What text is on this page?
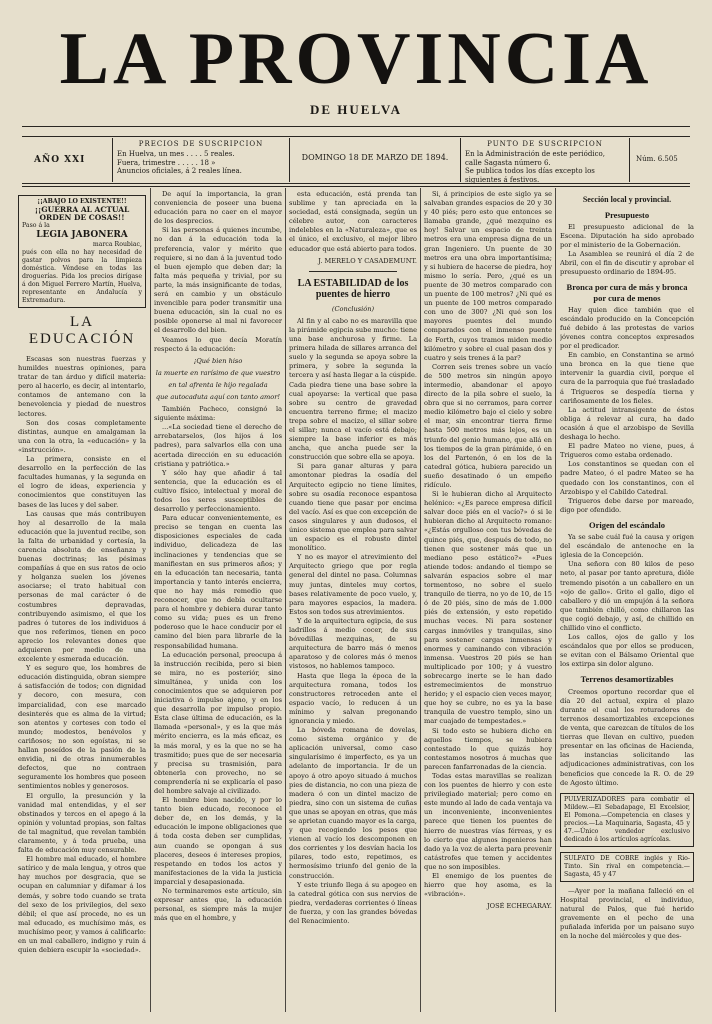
LA PROVINCIA
DE HUELVA
AÑO XXI
PRECIOS DE SUSCRIPCION
En Huelva, un mes . . . . 5 reales.
Fuera, trimestre . . . . . 18 »
Anuncios oficiales, á 2 reales línea.
DOMINGO 18 DE MARZO DE 1894.
PUNTO DE SUSCRIPCION
En la Administración de este periódico,
calle Sagasta número 6.
Se publica todos los días excepto los siguientes á festivos.
Núm. 6.505
¡¡ABAJO LO EXISTENTE!!
¡¡GUERRA AL ACTUAL ORDEN DE COSAS!!
Paso á la
LEGIA JABONERA
marca Roubiac,
pués con ella no hay necesidad de gastar polvos para la limpieza doméstica. Véndese en todas las droguerías. Pida los precios dirígase á don Miguel Ferrero Martín, Huelva, representante en Andalucía y Extremadura.
LA EDUCACIÓN

Escasas son nuestras fuerzas y humildes nuestras opiniones, para tratar de tan árduo y difícil materia: pero al hacerlo, es decir, al intentarlo, contamos de antemano con la benevolencia y piedad de nuestros lectores.

Son dos cosas completamente distintas, aunque en amalgaman la una con la otra, la «educación» y la «instrucción».

La primera, consiste en el desarrollo en la perfección de las facultades humanas, y la segunda en el logro de ideas, experiencia y conocimientos que constituyen las bases de las luces y del saber.

Las causas que más contribuyen hoy al desarrollo de la mala educación que la juventud recibe, son la falta de urbanidad y cortesía, la carencia absoluta de enseñanza y buenas doctrinas; las pésimas compañías á que en sus ratos de ocio y holganza suelen los jóvenes asociarse; el trato habitual con personas de mal carácter ó de costumbres depravadas, contribuyendo asimismo, el que los padres ó tutores de los individuos á que nos referimos, tienen en poco aprecio los relevantes dones que adquieren por medio de una excelente y esmerada educación.

Y es seguro que, los hombres de educación distinguida, obran siempre á satisfacción de todos; con dignidad y decoro, con mesura, con imparcialidad, con ese marcado desinterés que es alma de la virtud; son atentos y corteses con todo el mundo; modestos, benévolos y cariñosos; no son egoístas, ni se hallan poseídos de la pasión de la envidia, ni de otras innumerables defectos, que no contraen seguramente los hombres que poseen sentimientos nobles y generosos.

El orgullo, la presunción y la vanidad mal entendidas, y el ser obstinados y tercos en el apego á la opinión y voluntad propias, son faltas de tal magnitud, que revelan también claramente, y á toda prueba, una falta de educación muy censurable.

El hombre mal educado, el hombre satírico y de mala lengua, y otros que hay muchos por desgracia, que se ocupan en calumniar y difamar á los demás, y sobre todo cuando se trata del sexo de los privilegios, del sexo débil; el que así procede, no es un mal educado, es muchísimo más, es muchísimo peor, y vamos á calificarlo: en un mal caballero, indigno y ruin á quien debiera escupir la «sociedad».

De aquí la importancia, la gran conveniencia de poseer una buena educación para no caer en el mayor de los desprecios.

Si las personas á quienes incumbe, no dan á la educación toda la preferencia, valor y mérito que requiere, si no dan á la juventud todo el buen ejemplo que deben dar; la falta más pequeña y trivial, por su parte, la más insignificante de todas, será en cambio y un obstáculo invencible para poder transmitir una buena educación, sin la cual no es posible oponerse al mal ni favorecer el desarrollo del bien.

Veamos lo que decía Moratín respecto á la educación:

¡Qué bien hiso
la muerte en rarísimo de que vuestro
en tal afrenta le hijo regalada
que autocaduta aquí con tanto amor!

También Pacheco, consignó la siguiente máxima:

...«La sociedad tiene el derecho de arrebatarselos, (los hijos á los padres), para salvarlos ella con una acertada dirección en su educación cristiana y patriótica.»

Y sólo hay que añadir á tal sentencia, que la educación es el cultivo físico, intelectual y moral de todos los seres susceptibles de desarrollo y perfeccionamiento.

Para educar convenientemente, es preciso se tengan en cuenta las disposiciones especiales de cada individuo, delicadeza de las inclinaciones y tendencias que se manifiestan en sus primeros años; y en la educación tan necesaria, tanta importancia y tanto interés encierra, que no hay más remedio que reconocer, que no debía ocultarse para el hombre y debiera durar tanto como su vida; pues es un freno poderoso que le hace conducir por el camino del bien para librarle de la responsabilidad humana.

La educación personal, preocupa á la instrucción recibida, pero si bien se mira, no es posteriór, sino simultánea, y unida con los conocimientos que se adquieren por iniciativa ó impulso ajeno, y en los que desarrolla por impulso propio. Esta clase última de educación, es la llamada «personal», y es la que más mérito encierra, es la más eficaz, es la más moral, y es la que no se ha trasmitido; pues que de ser necesaria y precisa su trasmisión, para obtenerla con provecho, no se comprendería ni se explicaría el paso del hombre salvaje al civilizado.

El hombre bien nacido, y por lo tanto bien educado, reconoce el deber de, en los demás, y la educación le impone obligaciones que á toda costa deben ser cumplidas, aun cuando se opongan á sus placeres, deseos é intereses propios, respetando en todos los actos y manifestaciones de la vida la justicia imparcial y desapasionada.

No terminaremos este artículo, sin expresar antes que, la educación personal, es siempre más la mujer más que en el hombre, y

esta educación, está prenda tan sublime y tan apreciada en la sociedad, está consignada, según un célebre autor, con caracteres indelebles en la «Naturaleza», que es el único, el exclusivo, el mejor libro educador que está abierto para todos.

J. MERELO Y CASADEMUNT.
LA ESTABILIDAD de los puentes de hierro
(Conclusión)

Al fin y al cabo no es maravilla que la pirámide egipcia sube mucho: tiene una base anchurosa y firme. La primera hilada de sillares arranca del suelo y la segunda se apoya sobre la primera, y sobre la segunda la tercera y así hasta llegar a la cúspide. Cada piedra tiene una base sobre la cual apoyarse: la vertical que pasa sobre su centro de gravedad encuentra terreno firme; el macizo trepa sobre el macizo, el sillar sobre el sillar; nunca el vacío está debajo; siempre la base inferior es más ancha, que ancha puede ser la construcción que sobre ella se apoya.

Si para ganar alturas y para amontonar piedras la osadía del Arquitecto egipcio no tiene límites, sobre su osadía reconoce espantosa cuando tiene que pasar por encima del vacío. Así es que con excepción de casos singulares y aun dudosos, el único sistema que emplea para salvar un espacio es el robusto dintel monolítico.

Y no es mayor el atrevimiento del Arquitecto griego que por regla general del dintel no pasa. Columnas muy juntas, dinteles muy cortos, bases relativamente de poco vuelo, y, para mayores espacios, la madera. Estos son todos sus atrevimientos.

Y de la arquitectura egipcia, de sus ladrillos á medio cocer, de sus bóvedillas mezquinas, de su arquitectura de barro más ó menos aparatoso y de colores más ó menos vistosos, no hablemos tampoco.

Hasta que llega la época de la arquitectura romana, todos los constructores retroceden ante el espacio vacío, lo reducen á un mínimo y salvan pregonando ignorancia y miedo.

La bóveda romana de dovelas, como sistema orgánico y de aplicación universal, como caso singularísimo é imperfecto, es ya un adelanto de importancia. Ir de un apoyo á otro apoyo situado á muchos pies de distancia, no con una pieza de madera ó con un dintel macizo de piedra, sino con un sistema de cuñas que unas se apoyan en otras, que más se aprietan cuando mayor es la carga, y que recogiendo los pesos que vienen al vacío los descomponen en dos corrientes y los desvían hacia los pilares, todo esto, repetimos, es hermosísimo triunfo del genio de la construcción.

Y este triunfo llega á su apogeo en la catedral gótica con sus nervios de piedra, verdaderas corrientes ó líneas de fuerza, y con las grandes bóvedas del Renacimiento.

Si, á principios de este siglo ya se salvaban grandes espacios de 20 y 30 y 40 piés; pero esto que entonces se llamaba grande, ¿qué mezquino es hoy! Salvar un espacio de treinta metros era una empresa digna de un gran Ingeniero. Un puente de 30 metros era una obra importantísima; y si hubiera de hacerse de piedra, hoy mismo lo sería. Pero, ¿qué es un puente de 30 metros comparado con un puente de 100 metros? ¿Ni qué es un puente de 100 metros comparado con uno de 300? ¿Ni qué son los mayores puentes del mundo comparados con el inmenso puente de Forth, cuyos tramos miden medio kilómetro y sobre el cual pasan dos y cuatro y seis trenes á la par?

Corren seis trenes sobre un vacío de 500 metros sin ningún apoyo intermedio, abandonar el apoyo directo de la pila sobre el suelo, la obra que si no cerramos, para correr medio kilómetro bajo el cielo y sobre el mar, sin encontrar tierra firme hasta 500 metros más lejos, es un triunfo del genio humano, que allá en los tiempos de la gran pirámide, ó en los del Partenón, ó en los de la catedral gótica, hubiera parecido un sueño desatinado ó un empeño ridículo.

Si le hubieran dicho al Arquitecto helénico: «¿Es parece empresa difícil salvar doce piés en el vacío?» ó si le hubieran dicho al Arquitecto romano: «¿Estás orgulloso con tus bóvedas de quince piés, que, después de todo, no tienen que sostener más que un mediano peso estático?» «Pues atiende todos: andando el tiempo se salvarán espacios sobre el mar tormentoso, no sobre el suelo tranquilo de tierra, no yo de 10, de 15 ó de 20 piés, sino de más de 1.000 piés de extensión, y esto repetido muchas veces. Ni para sostener cargas inmóviles y tranquilas, sino para sostener cargas inmensas y enormes y caminando con vibración inmensa. Vuestros 20 piés se han multiplicado por 100; y á vuestro sobrecargo inerte se le han dado estremecimientos de monstruo herido; y el espacio cien veces mayor, que hoy se cubre, no es ya la base tranquila de vuestro templo, sino un mar cuajado de tempestades.»

Si todo esto se hubiera dicho en aquellos tiempos, se hubiera contestado lo que quizás hoy contestamos nosotros á muchas que parecen fanfarronadas de la ciencia.

Todas estas maravillas se realizan con los puentes de hierro y con este privilegiado material; pero como en este mundo al lado de cada ventaja va un inconveniente, inconvenientes parece que tienen los puentes de hierro de nuestras vías férreas, y es lo cierto que algunos ingenieros han dado ya la voz de alerta para prevenir catástrofes que temen y accidentes que no son imposibles.

El enemigo de los puentes de hierro que hoy asoma, es la «vibración».

JOSÉ ECHEGARAY.
Sección local y provincial.
Presupuesto

El presupuesto adicional de la Escena. Diputación ha sido aprobado por el ministerio de la Gobernación.

La Asamblea se reunirá el día 2 de Abril, con el fin de discutir y aprobar el presupuesto ordinario de 1894-95.

Bronca por cura de más y bronca por cura de menos

Hay quien dice también que el escándalo producido en la Concepción fué debido á las protestas de varios jóvenes contra conceptos expresados por el predicador.

En cambio, en Constantina se armó una bronca en la que tiene que intervenir la guardia civil, porque el cura de la parroquia que fué trasladado á Trigueros se despedía tierna y cariñosamente de los fieles.

La actitud intransigente de éstos obliga á relevar al cura, ha dado ocasión á que el arzobispo de Sevilla deshaga lo hecho.

El padre Mateo no viene, pues, á Trigueros como estaba ordenado.

Los constantinos se quedan con el padre Mateo, ó el padre Mateo se ha quedado con los constantinos, con el Arzobispo y el Cabildo Catedral.

Trigueros debe darse por mareado, digo por ofendido.

Origen del escándalo

Ya se sabe cuál fué la causa y origen del escándalo de antenoche en la iglesia de la Concepción.

Una señora con 80 kilos de peso neto, al pasar por tanto apretura, dióle tremendo pisotón a un caballero en un «ojo de gallo». Grito el gallo, digo el caballero y dió un empujón á la señora que también chilló, como chillaron las que cogió debajo, y así, de chillido en chillido vino el conflicto.

Los callos, ojos de gallo y los escándalos que por ellos se producen, se evitan con el Bálsamo Oriental que los extirpa sin dolor alguno.

Terrenos desamortizables

Creemos oportuno recordar que el día 20 del actual, expira el plazo durante el cual los roturadores de terrenos desamortizables excepciones de venta, que carezcan de títulos de los tierras que llevan en cultivo, pueden presentar en las oficinas de Hacienda, las instancias solicitando las adjudicaciones administrativas, con los beneficios que concede la R. O. de 29 de Agosto último.

PULVERIZADORES para combatir el Mildew.—El Sebadapage, El Excelsior, El Pomona.—Competencia en clases y precios.—La Maquinaria, Sagasta, 45 y 47.—Único vendedor exclusivo dedicado á los artículos agrícolas.
SULFATO DE COBRE inglés y Rio-Tinto. Sin rival en competencia.—Sagasta, 45 y 47

—Ayer por la mañana falleció en el Hospital provincial, el individuo, natural de Palos, que fué herido gravemente en el pecho de una puñalada inferida por un paisano suyo en la noche del miércoles y que des-
